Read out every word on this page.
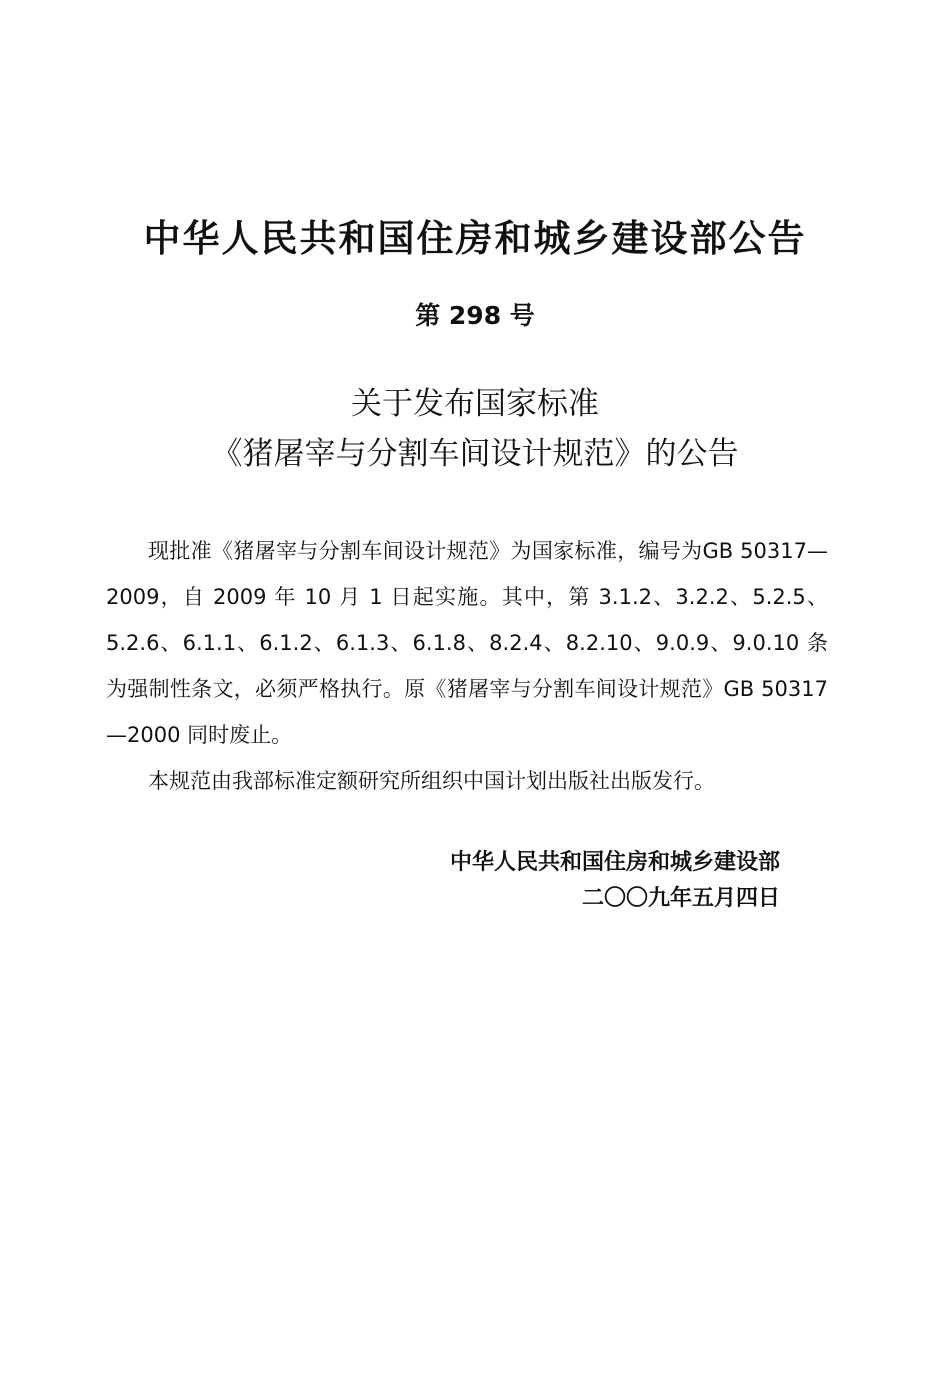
中华人民共和国住房和城乡建设部公告
第 298 号
关于发布国家标准
《猪屠宰与分割车间设计规范》的公告

现批准《猪屠宰与分割车间设计规范》为国家标准，编号为GB 50317—2009，自 2009 年 10 月 1 日起实施。其中，第 3.1.2、3.2.2、5.2.5、5.2.6、6.1.1、6.1.2、6.1.3、6.1.8、8.2.4、8.2.10、9.0.9、9.0.10 条为强制性条文，必须严格执行。原《猪屠宰与分割车间设计规范》GB 50317—2000 同时废止。

本规范由我部标准定额研究所组织中国计划出版社出版发行。

中华人民共和国住房和城乡建设部
二〇〇九年五月四日
